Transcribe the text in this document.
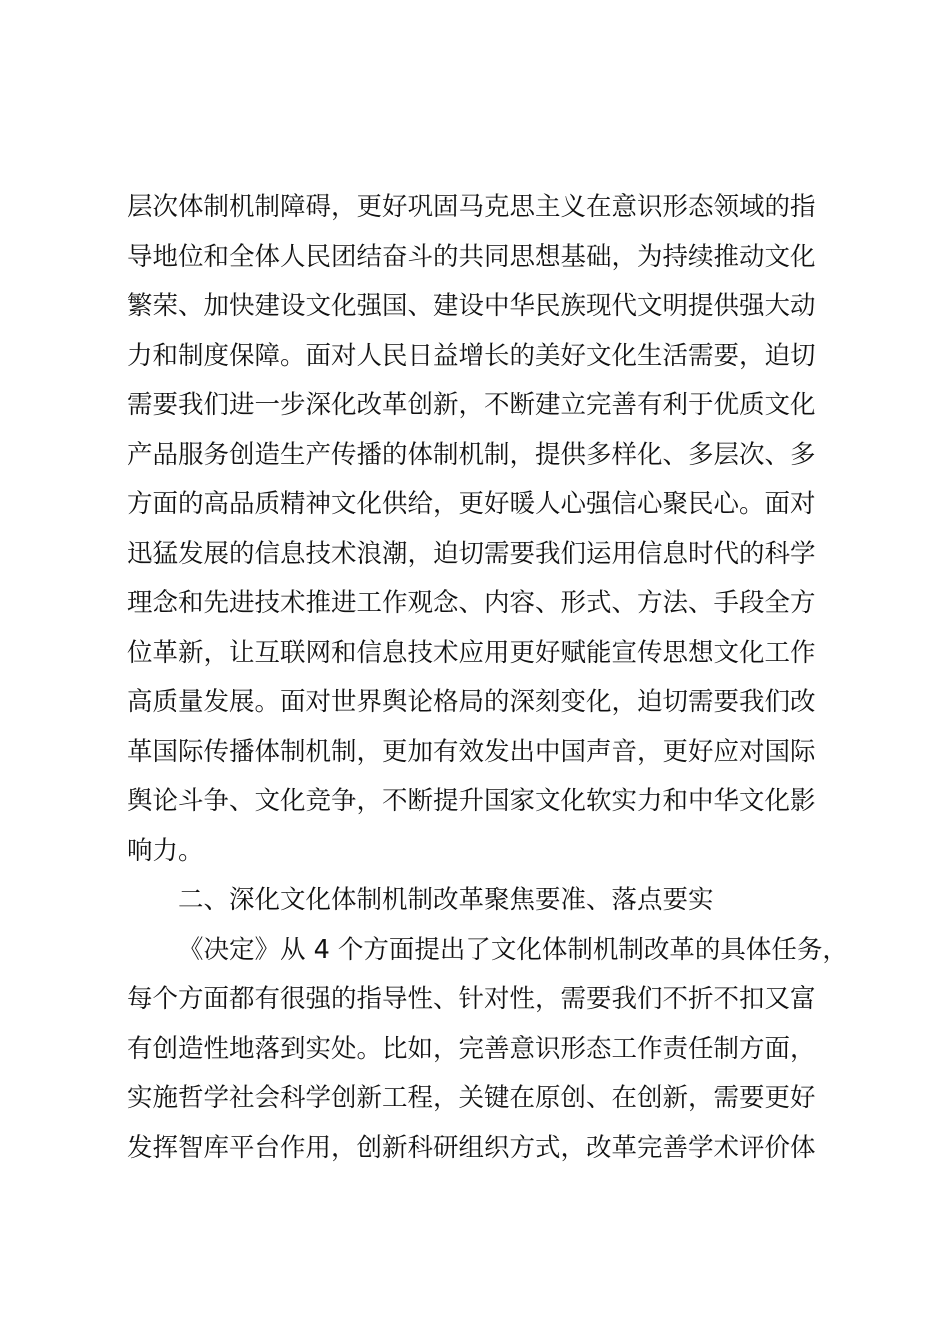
层次体制机制障碍，更好巩固马克思主义在意识形态领域的指
导地位和全体人民团结奋斗的共同思想基础，为持续推动文化
繁荣、加快建设文化强国、建设中华民族现代文明提供强大动
力和制度保障。面对人民日益增长的美好文化生活需要，迫切
需要我们进一步深化改革创新，不断建立完善有利于优质文化
产品服务创造生产传播的体制机制，提供多样化、多层次、多
方面的高品质精神文化供给，更好暖人心强信心聚民心。面对
迅猛发展的信息技术浪潮，迫切需要我们运用信息时代的科学
理念和先进技术推进工作观念、内容、形式、方法、手段全方
位革新，让互联网和信息技术应用更好赋能宣传思想文化工作
高质量发展。面对世界舆论格局的深刻变化，迫切需要我们改
革国际传播体制机制，更加有效发出中国声音，更好应对国际
舆论斗争、文化竞争，不断提升国家文化软实力和中华文化影
响力。
二、深化文化体制机制改革聚焦要准、落点要实
《决定》从 4 个方面提出了文化体制机制改革的具体任务，
每个方面都有很强的指导性、针对性，需要我们不折不扣又富
有创造性地落到实处。比如，完善意识形态工作责任制方面，
实施哲学社会科学创新工程，关键在原创、在创新，需要更好
发挥智库平台作用，创新科研组织方式，改革完善学术评价体
